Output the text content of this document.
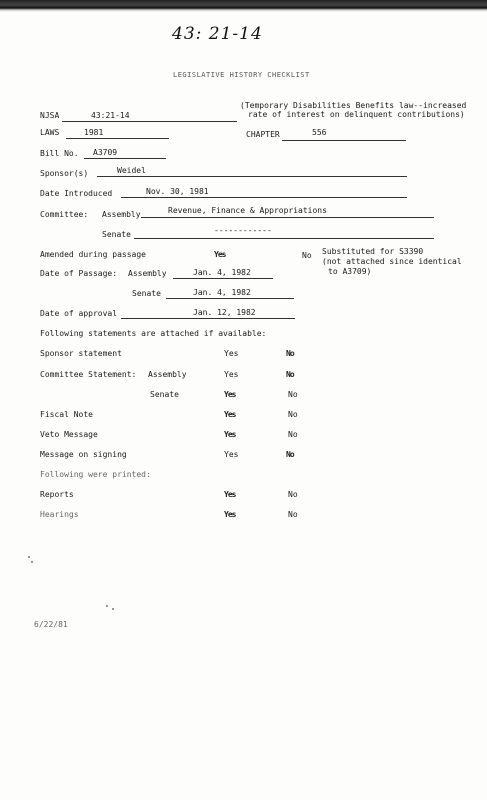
43: 21-14
LEGISLATIVE HISTORY CHECKLIST
NJSA	43:21-14
(Temporary Disabilities Benefits law--increased
rate of interest on delinquent contributions)
LAWS	1981	CHAPTER	556
Bill No. A3709
Sponsor(s)	Weidel
Date Introduced	Nov. 30, 1981
Committee: Assembly	Revenue, Finance & Appropriations
Senate	------------
Amended during passage	Yes	No Substituted for S3390
(not attached since identical
to A3709)
Date of Passage: Assembly	Jan. 4, 1982
Senate	Jan. 4, 1982
Date of approval	Jan. 12, 1982
Following statements are attached if available:
Sponsor statement	Yes	No
Committee Statement: Assembly	Yes	No
Senate	Yes	No
Fiscal Note	Yes	No
Veto Message	Yes	No
Message on signing	Yes	No
Following were printed:
Reports	Yes	No
Hearings	Yes	No
6/22/81
